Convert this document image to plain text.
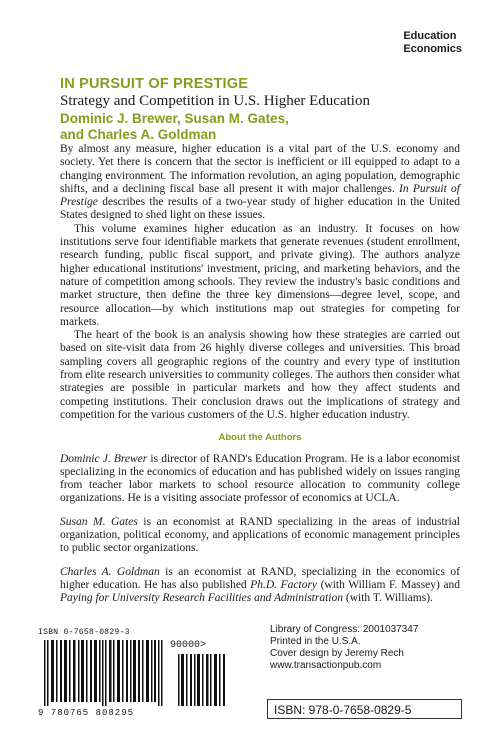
Education
Economics
IN PURSUIT OF PRESTIGE
Strategy and Competition in U.S. Higher Education
Dominic J. Brewer, Susan M. Gates,
and Charles A. Goldman

By almost any measure, higher education is a vital part of the U.S. economy and society. Yet there is concern that the sector is inefficient or ill equipped to adapt to a changing environment. The information revolution, an aging population, demographic shifts, and a declining fiscal base all present it with major challenges. In Pursuit of Prestige describes the results of a two-year study of higher education in the United States designed to shed light on these issues.

This volume examines higher education as an industry. It focuses on how institutions serve four identifiable markets that generate revenues (student enrollment, research funding, public fiscal support, and private giving). The authors analyze higher educational institutions' investment, pricing, and marketing behaviors, and the nature of competition among schools. They review the industry's basic conditions and market structure, then define the three key dimensions—degree level, scope, and resource allocation—by which institutions map out strategies for competing for markets.

The heart of the book is an analysis showing how these strategies are carried out based on site-visit data from 26 highly diverse colleges and universities. This broad sampling covers all geographic regions of the country and every type of institution from elite research universities to community colleges. The authors then consider what strategies are possible in particular markets and how they affect students and competing institutions. Their conclusion draws out the implications of strategy and competition for the various customers of the U.S. higher education industry.

About the Authors

Dominic J. Brewer is director of RAND's Education Program. He is a labor economist specializing in the economics of education and has published widely on issues ranging from teacher labor markets to school resource allocation to community college organizations. He is a visiting associate professor of economics at UCLA.

Susan M. Gates is an economist at RAND specializing in the areas of industrial organization, political economy, and applications of economic management principles to public sector organizations.

Charles A. Goldman is an economist at RAND, specializing in the economics of higher education. He has also published Ph.D. Factory (with William F. Massey) and Paying for University Research Facilities and Administration (with T. Williams).

ISBN 0-7658-0829-3
90000>
9 780765 808295
Library of Congress: 2001037347
Printed in the U.S.A.
Cover design by Jeremy Rech
www.transactionpub.com
ISBN: 978-0-7658-0829-5
